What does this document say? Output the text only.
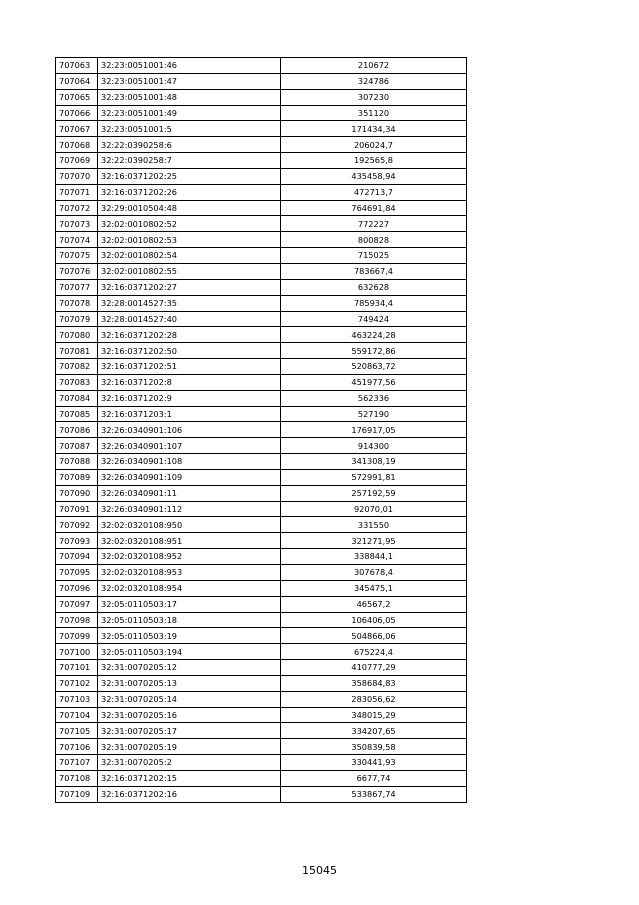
707063	32:23:0051001:46	210672
707064	32:23:0051001:47	324786
707065	32:23:0051001:48	307230
707066	32:23:0051001:49	351120
707067	32:23:0051001:5	171434,34
707068	32:22:0390258:6	206024,7
707069	32:22:0390258:7	192565,8
707070	32:16:0371202:25	435458,94
707071	32:16:0371202:26	472713,7
707072	32:29:0010504:48	764691,84
707073	32:02:0010802:52	772227
707074	32:02:0010802:53	800828
707075	32:02:0010802:54	715025
707076	32:02:0010802:55	783667,4
707077	32:16:0371202:27	632628
707078	32:28:0014527:35	785934,4
707079	32:28:0014527:40	749424
707080	32:16:0371202:28	463224,28
707081	32:16:0371202:50	559172,86
707082	32:16:0371202:51	520863,72
707083	32:16:0371202:8	451977,56
707084	32:16:0371202:9	562336
707085	32:16:0371203:1	527190
707086	32:26:0340901:106	176917,05
707087	32:26:0340901:107	914300
707088	32:26:0340901:108	341308,19
707089	32:26:0340901:109	572991,81
707090	32:26:0340901:11	257192,59
707091	32:26:0340901:112	92070,01
707092	32:02:0320108:950	331550
707093	32:02:0320108:951	321271,95
707094	32:02:0320108:952	338844,1
707095	32:02:0320108:953	307678,4
707096	32:02:0320108:954	345475,1
707097	32:05:0110503:17	46567,2
707098	32:05:0110503:18	106406,05
707099	32:05:0110503:19	504866,06
707100	32:05:0110503:194	675224,4
707101	32:31:0070205:12	410777,29
707102	32:31:0070205:13	358684,83
707103	32:31:0070205:14	283056,62
707104	32:31:0070205:16	348015,29
707105	32:31:0070205:17	334207,65
707106	32:31:0070205:19	350839,58
707107	32:31:0070205:2	330441,93
707108	32:16:0371202:15	6677,74
707109	32:16:0371202:16	533867,74
15045
